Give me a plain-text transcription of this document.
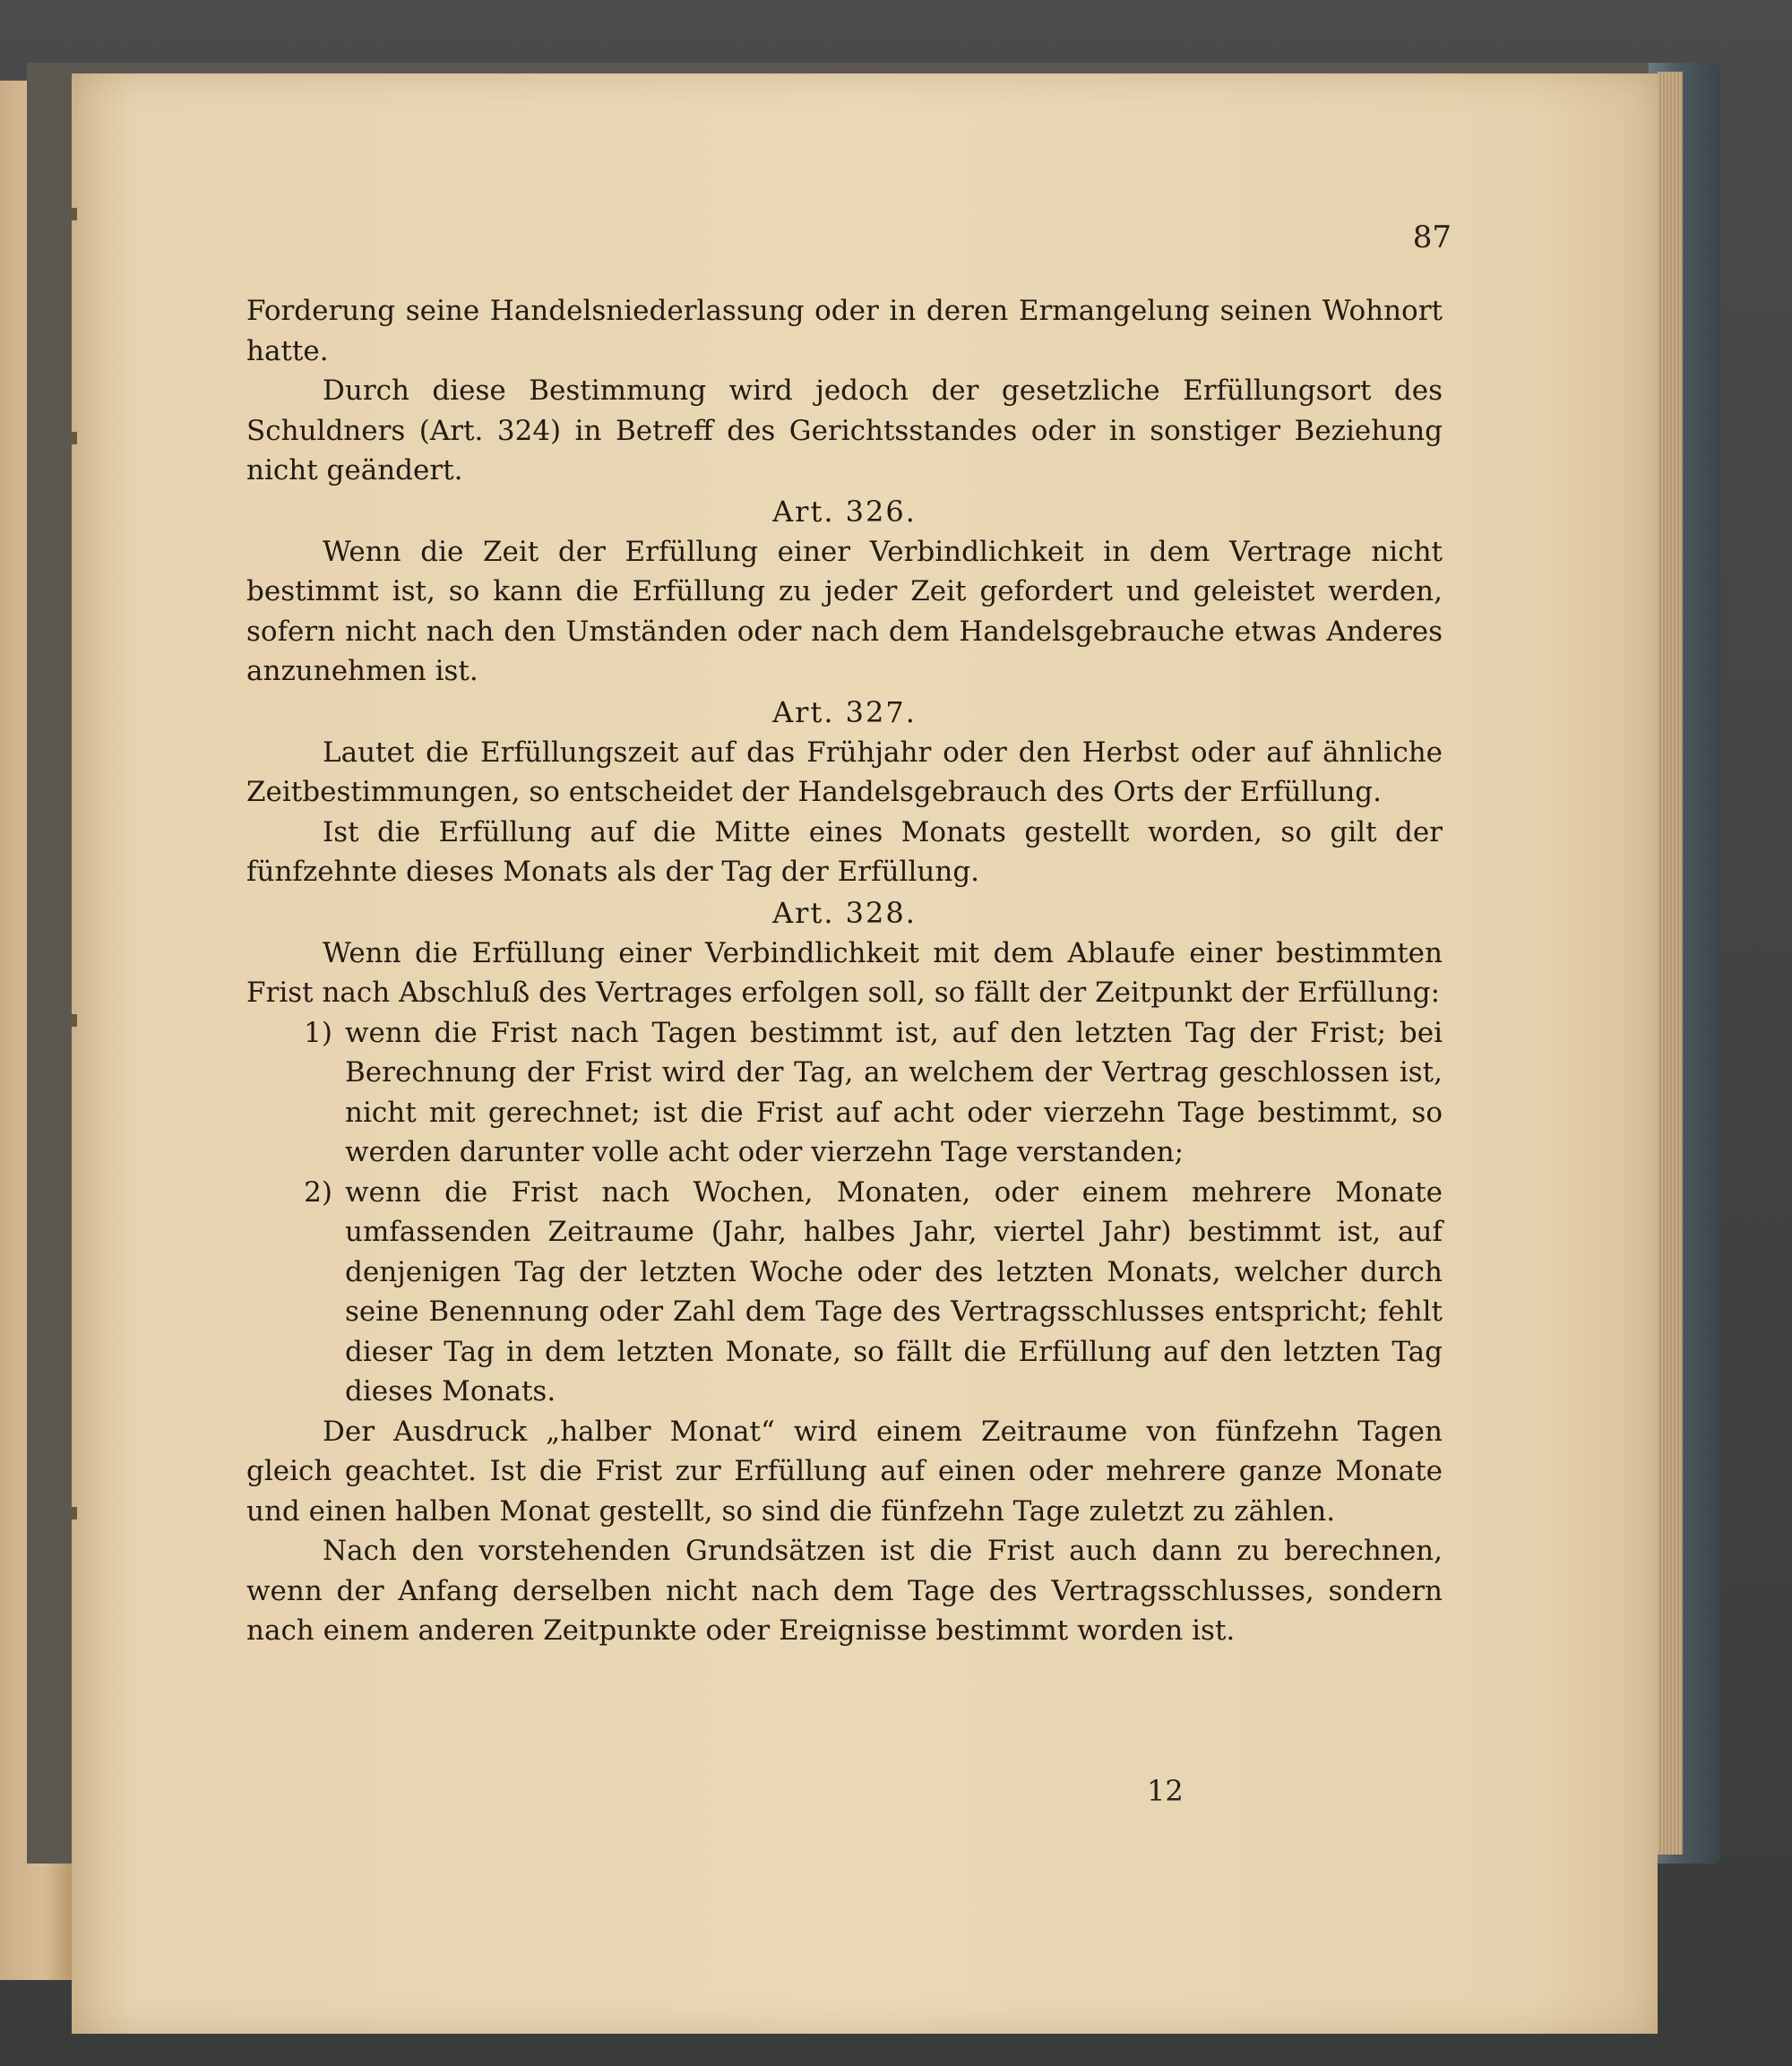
87

Forderung seine Handelsniederlassung oder in deren Ermangelung seinen Wohnort hatte.

Durch diese Bestimmung wird jedoch der gesetzliche Erfüllungsort des Schuldners (Art. 324) in Betreff des Gerichtsstandes oder in sonstiger Beziehung nicht geändert.

Art. 326.

Wenn die Zeit der Erfüllung einer Verbindlichkeit in dem Vertrage nicht bestimmt ist, so kann die Erfüllung zu jeder Zeit gefordert und geleistet werden, sofern nicht nach den Umständen oder nach dem Handelsgebrauche etwas Anderes anzunehmen ist.

Art. 327.

Lautet die Erfüllungszeit auf das Frühjahr oder den Herbst oder auf ähnliche Zeitbestimmungen, so entscheidet der Handelsgebrauch des Orts der Erfüllung.

Ist die Erfüllung auf die Mitte eines Monats gestellt worden, so gilt der fünfzehnte dieses Monats als der Tag der Erfüllung.

Art. 328.

Wenn die Erfüllung einer Verbindlichkeit mit dem Ablaufe einer bestimmten Frist nach Abschluß des Vertrages erfolgen soll, so fällt der Zeitpunkt der Erfüllung:

1) wenn die Frist nach Tagen bestimmt ist, auf den letzten Tag der Frist; bei Berechnung der Frist wird der Tag, an welchem der Vertrag geschlossen ist, nicht mit gerechnet; ist die Frist auf acht oder vierzehn Tage bestimmt, so werden darunter volle acht oder vierzehn Tage verstanden;
2) wenn die Frist nach Wochen, Monaten, oder einem mehrere Monate umfassenden Zeitraume (Jahr, halbes Jahr, viertel Jahr) bestimmt ist, auf denjenigen Tag der letzten Woche oder des letzten Monats, welcher durch seine Benennung oder Zahl dem Tage des Vertragsschlusses entspricht; fehlt dieser Tag in dem letzten Monate, so fällt die Erfüllung auf den letzten Tag dieses Monats.

Der Ausdruck „halber Monat“ wird einem Zeitraume von fünfzehn Tagen gleich geachtet. Ist die Frist zur Erfüllung auf einen oder mehrere ganze Monate und einen halben Monat gestellt, so sind die fünfzehn Tage zuletzt zu zählen.

Nach den vorstehenden Grundsätzen ist die Frist auch dann zu berechnen, wenn der Anfang derselben nicht nach dem Tage des Vertragsschlusses, sondern nach einem anderen Zeitpunkte oder Ereignisse bestimmt worden ist.

12
